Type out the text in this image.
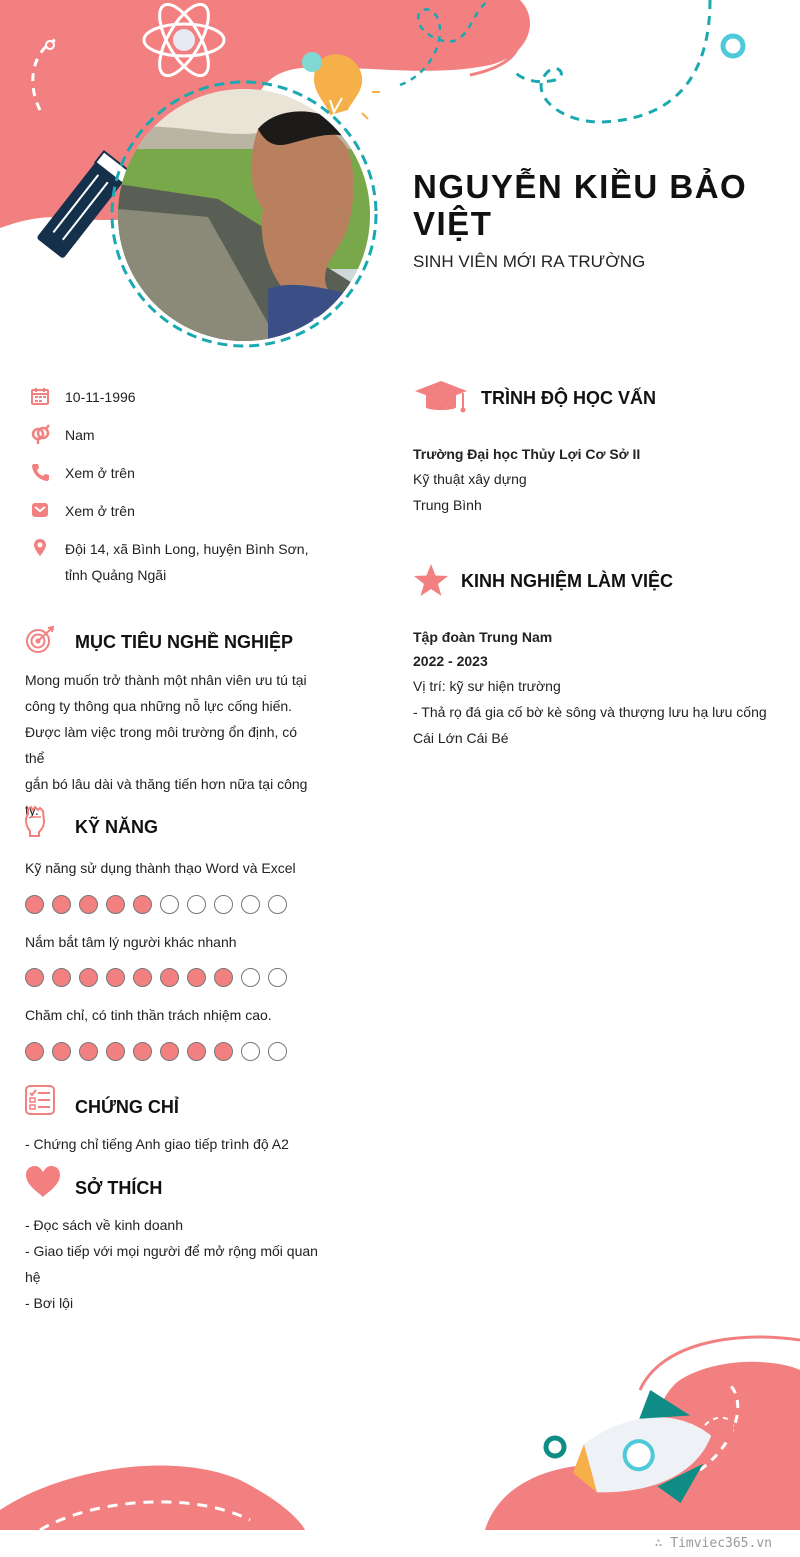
NGUYỄN KIỀU BẢO VIỆT
SINH VIÊN MỚI RA TRƯỜNG
10-11-1996
Nam
Xem ở trên
Xem ở trên
Đội 14, xã Bình Long, huyện Bình Sơn,
tỉnh Quảng Ngãi
MỤC TIÊU NGHỀ NGHIỆP
Mong muốn trở thành một nhân viên ưu tú tại
công ty thông qua những nỗ lực cống hiến.
Được làm việc trong môi trường ổn định, có thể
gắn bó lâu dài và thăng tiến hơn nữa tại công
ty.
KỸ NĂNG
Kỹ năng sử dụng thành thạo Word và Excel
Nắm bắt tâm lý người khác nhanh
Chăm chỉ, có tinh thần trách nhiệm cao.
CHỨNG CHỈ
- Chứng chỉ tiếng Anh giao tiếp trình độ A2
SỞ THÍCH
- Đọc sách về kinh doanh
- Giao tiếp với mọi người để mở rộng mối quan
hệ
- Bơi lội
TRÌNH ĐỘ HỌC VẤN
Trường Đại học Thủy Lợi Cơ Sở II
Kỹ thuật xây dựng
Trung Bình
KINH NGHIỆM LÀM VIỆC
Tập đoàn Trung Nam
2022 - 2023
Vị trí: kỹ sư hiện trường
- Thả rọ đá gia cố bờ kè sông và thượng lưu hạ lưu cống
Cái Lớn Cái Bé
∴ Timviec365.vn
